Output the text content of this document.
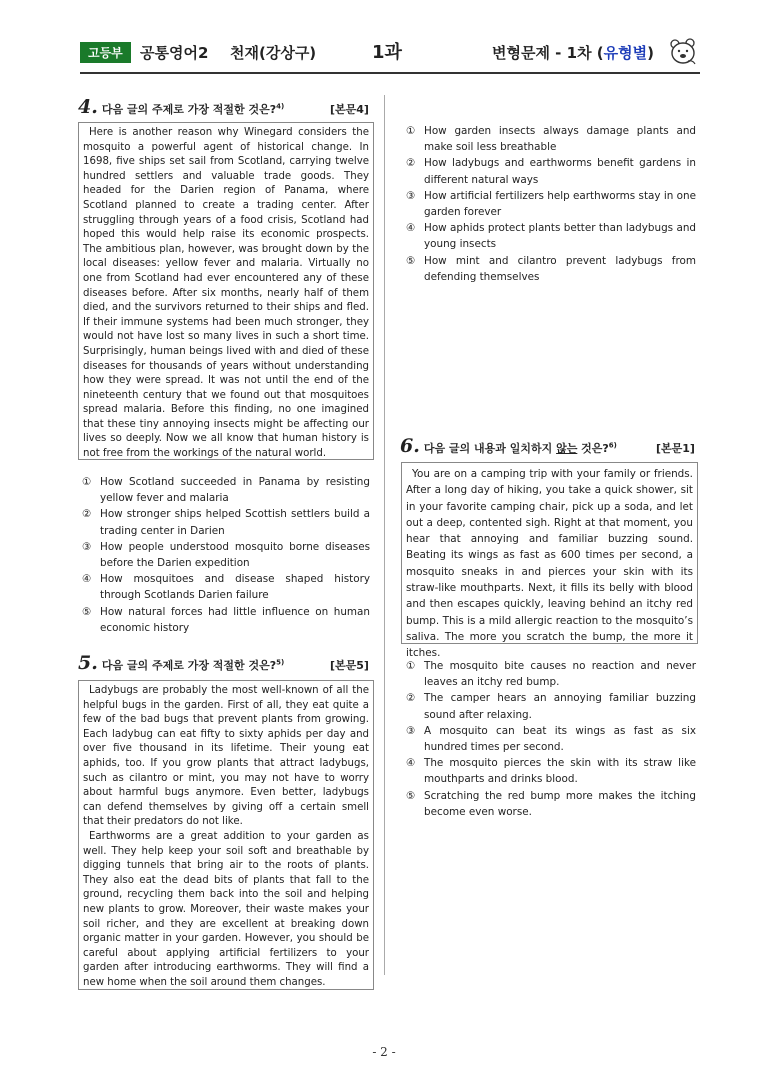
고등부	공통영어2 천재(강상구)	1과	변형문제 - 1차 (유형별)
4. 다음 글의 주제로 가장 적절한 것은?$^{4)}$	[본문4]

Here is another reason why Winegard considers the mosquito a powerful agent of historical change. In 1698, five ships set sail from Scotland, carrying twelve hundred settlers and valuable trade goods. They headed for the Darien region of Panama, where Scotland planned to create a trading center. After struggling through years of a food crisis, Scotland had hoped this would help raise its economic prospects. The ambitious plan, however, was brought down by the local diseases: yellow fever and malaria. Virtually no one from Scotland had ever encountered any of these diseases before. After six months, nearly half of them died, and the survivors returned to their ships and fled. If their immune systems had been much stronger, they would not have lost so many lives in such a short time. Surprisingly, human beings lived with and died of these diseases for thousands of years without understanding how they were spread. It was not until the end of the nineteenth century that we found out that mosquitoes spread malaria. Before this finding, no one imagined that these tiny annoying insects might be affecting our lives so deeply. Now we all know that human history is not free from the workings of the natural world.

① How Scotland succeeded in Panama by resisting yellow fever and malaria
② How stronger ships helped Scottish settlers build a trading center in Darien
③ How people understood mosquito borne diseases before the Darien expedition
④ How mosquitoes and disease shaped history through Scotlands Darien failure
⑤ How natural forces had little influence on human economic history
5. 다음 글의 주제로 가장 적절한 것은?$^{5)}$	[본문5]

Ladybugs are probably the most well-known of all the helpful bugs in the garden. First of all, they eat quite a few of the bad bugs that prevent plants from growing. Each ladybug can eat fifty to sixty aphids per day and over five thousand in its lifetime. Their young eat aphids, too. If you grow plants that attract ladybugs, such as cilantro or mint, you may not have to worry about harmful bugs anymore. Even better, ladybugs can defend themselves by giving off a certain smell that their predators do not like.

Earthworms are a great addition to your garden as well. They help keep your soil soft and breathable by digging tunnels that bring air to the roots of plants. They also eat the dead bits of plants that fall to the ground, recycling them back into the soil and helping new plants to grow. Moreover, their waste makes your soil richer, and they are excellent at breaking down organic matter in your garden. However, you should be careful about applying artificial fertilizers to your garden after introducing earthworms. They will find a new home when the soil around them changes.

① How garden insects always damage plants and make soil less breathable
② How ladybugs and earthworms benefit gardens in different natural ways
③ How artificial fertilizers help earthworms stay in one garden forever
④ How aphids protect plants better than ladybugs and young insects
⑤ How mint and cilantro prevent ladybugs from defending themselves
6. 다음 글의 내용과 일치하지 않는 것은?$^{6)}$	[본문1]

You are on a camping trip with your family or friends. After a long day of hiking, you take a quick shower, sit in your favorite camping chair, pick up a soda, and let out a deep, contented sigh. Right at that moment, you hear that annoying and familiar buzzing sound. Beating its wings as fast as 600 times per second, a mosquito sneaks in and pierces your skin with its straw-like mouthparts. Next, it fills its belly with blood and then escapes quickly, leaving behind an itchy red bump. This is a mild allergic reaction to the mosquito’s saliva. The more you scratch the bump, the more it itches.

① The mosquito bite causes no reaction and never leaves an itchy red bump.
② The camper hears an annoying familiar buzzing sound after relaxing.
③ A mosquito can beat its wings as fast as six hundred times per second.
④ The mosquito pierces the skin with its straw like mouthparts and drinks blood.
⑤ Scratching the red bump more makes the itching become even worse.
- 2 -
